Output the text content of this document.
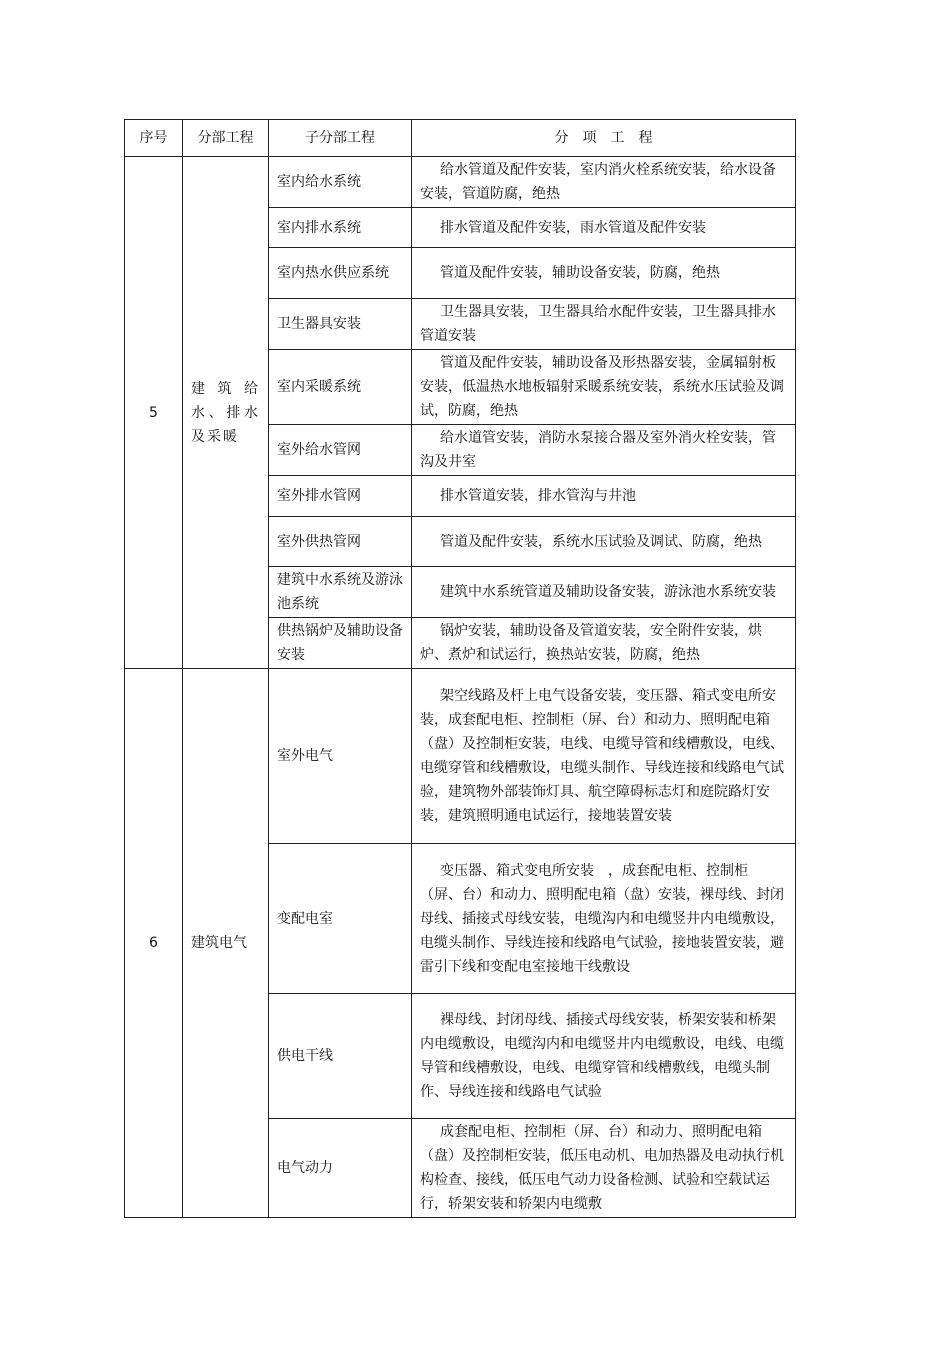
序号	分部工程	子分部工程	分　项　工　程
5	建 筑 给水、排水及采暖	室内给水系统	给水管道及配件安装，室内消火栓系统安装，给水设备安装，管道防腐，绝热
		室内排水系统	排水管道及配件安装，雨水管道及配件安装
		室内热水供应系统	管道及配件安装，辅助设备安装，防腐，绝热
		卫生器具安装	卫生器具安装，卫生器具给水配件安装，卫生器具排水管道安装
		室内采暖系统	管道及配件安装，辅助设备及形热器安装，金属辐射板安装，低温热水地板辐射采暖系统安装，系统水压试验及调试，防腐，绝热
		室外给水管网	给水道管安装，消防水泵接合器及室外消火栓安装，管沟及井室
		室外排水管网	排水管道安装，排水管沟与井池
		室外供热管网	管道及配件安装，系统水压试验及调试、防腐，绝热
		建筑中水系统及游泳池系统	建筑中水系统管道及辅助设备安装，游泳池水系统安装
		供热锅炉及辅助设备安装	锅炉安装，辅助设备及管道安装，安全附件安装，烘炉、煮炉和试运行，换热站安装，防腐，绝热
6	建筑电气	室外电气	架空线路及杆上电气设备安装，变压器、箱式变电所安装，成套配电柜、控制柜（屏、台）和动力、照明配电箱（盘）及控制柜安装，电线、电缆导管和线槽敷设，电线、电缆穿管和线槽敷设，电缆头制作、导线连接和线路电气试验，建筑物外部装饰灯具、航空障碍标志灯和庭院路灯安装，建筑照明通电试运行，接地装置安装
		变配电室	变压器、箱式变电所安装　，成套配电柜、控制柜（屏、台）和动力、照明配电箱（盘）安装，裸母线、封闭母线、插接式母线安装，电缆沟内和电缆竖井内电缆敷设，电缆头制作、导线连接和线路电气试验，接地装置安装，避雷引下线和变配电室接地干线敷设
		供电干线	裸母线、封闭母线、插接式母线安装，桥架安装和桥架内电缆敷设，电缆沟内和电缆竖井内电缆敷设，电线、电缆导管和线槽敷设，电线、电缆穿管和线槽敷线，电缆头制作、导线连接和线路电气试验
		电气动力	成套配电柜、控制柜（屏、台）和动力、照明配电箱（盘）及控制柜安装，低压电动机、电加热器及电动执行机构检查、接线，低压电气动力设备检测、试验和空载试运行，轿架安装和轿架内电缆敷
